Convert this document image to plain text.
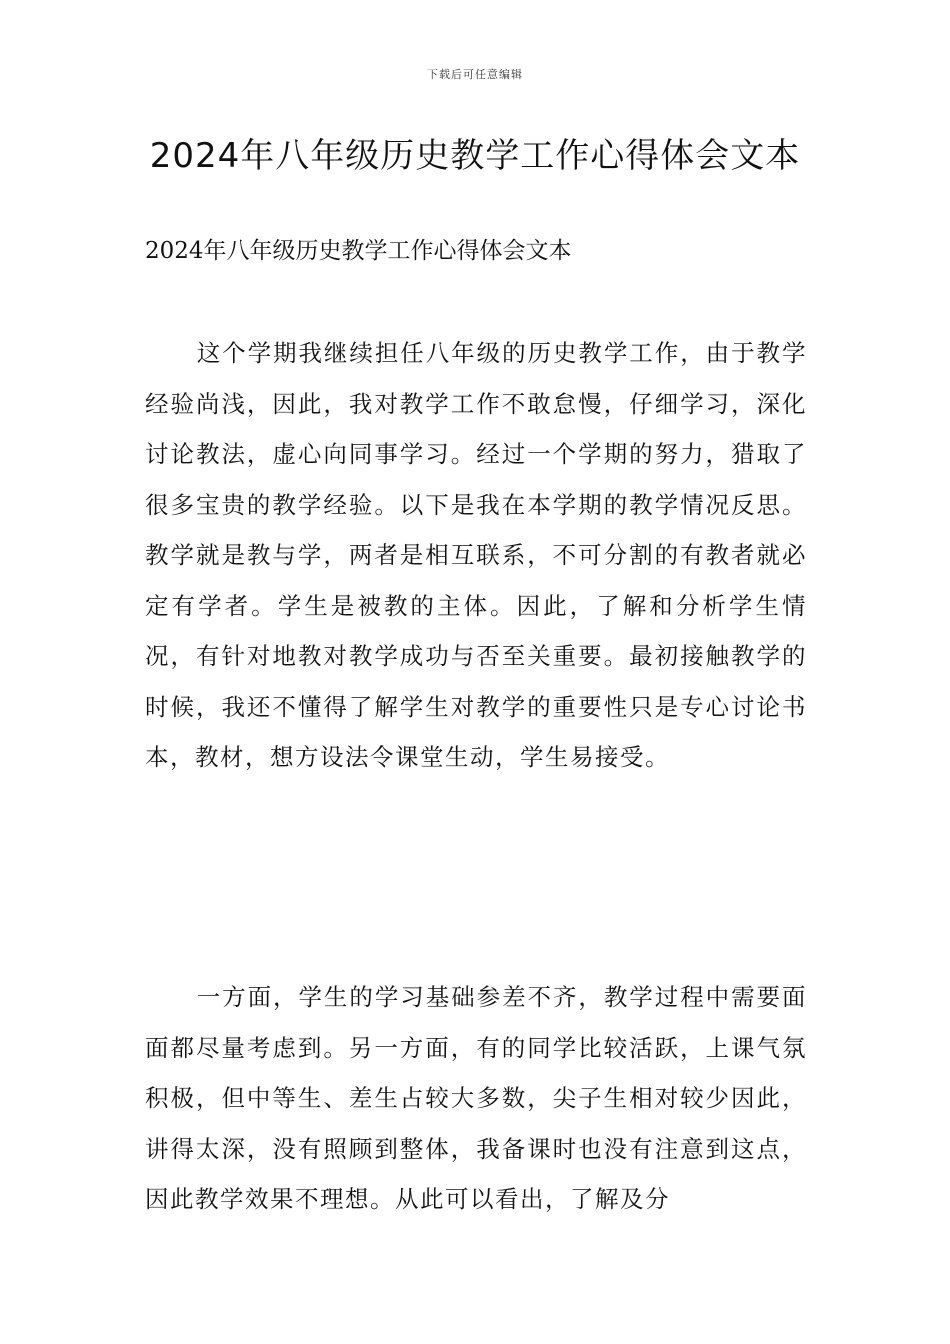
下载后可任意编辑
2024年八年级历史教学工作心得体会文本

2024年八年级历史教学工作心得体会文本

这个学期我继续担任八年级的历史教学工作，由于教学经验尚浅，因此，我对教学工作不敢怠慢，仔细学习，深化讨论教法，虚心向同事学习。经过一个学期的努力，猎取了很多宝贵的教学经验。以下是我在本学期的教学情况反思。教学就是教与学，两者是相互联系，不可分割的有教者就必定有学者。学生是被教的主体。因此，了解和分析学生情况，有针对地教对教学成功与否至关重要。最初接触教学的时候，我还不懂得了解学生对教学的重要性只是专心讨论书本，教材，想方设法令课堂生动，学生易接受。

一方面，学生的学习基础参差不齐，教学过程中需要面面都尽量考虑到。另一方面，有的同学比较活跃，上课气氛积极，但中等生、差生占较大多数，尖子生相对较少因此，讲得太深，没有照顾到整体，我备课时也没有注意到这点，因此教学效果不理想。从此可以看出，了解及分
